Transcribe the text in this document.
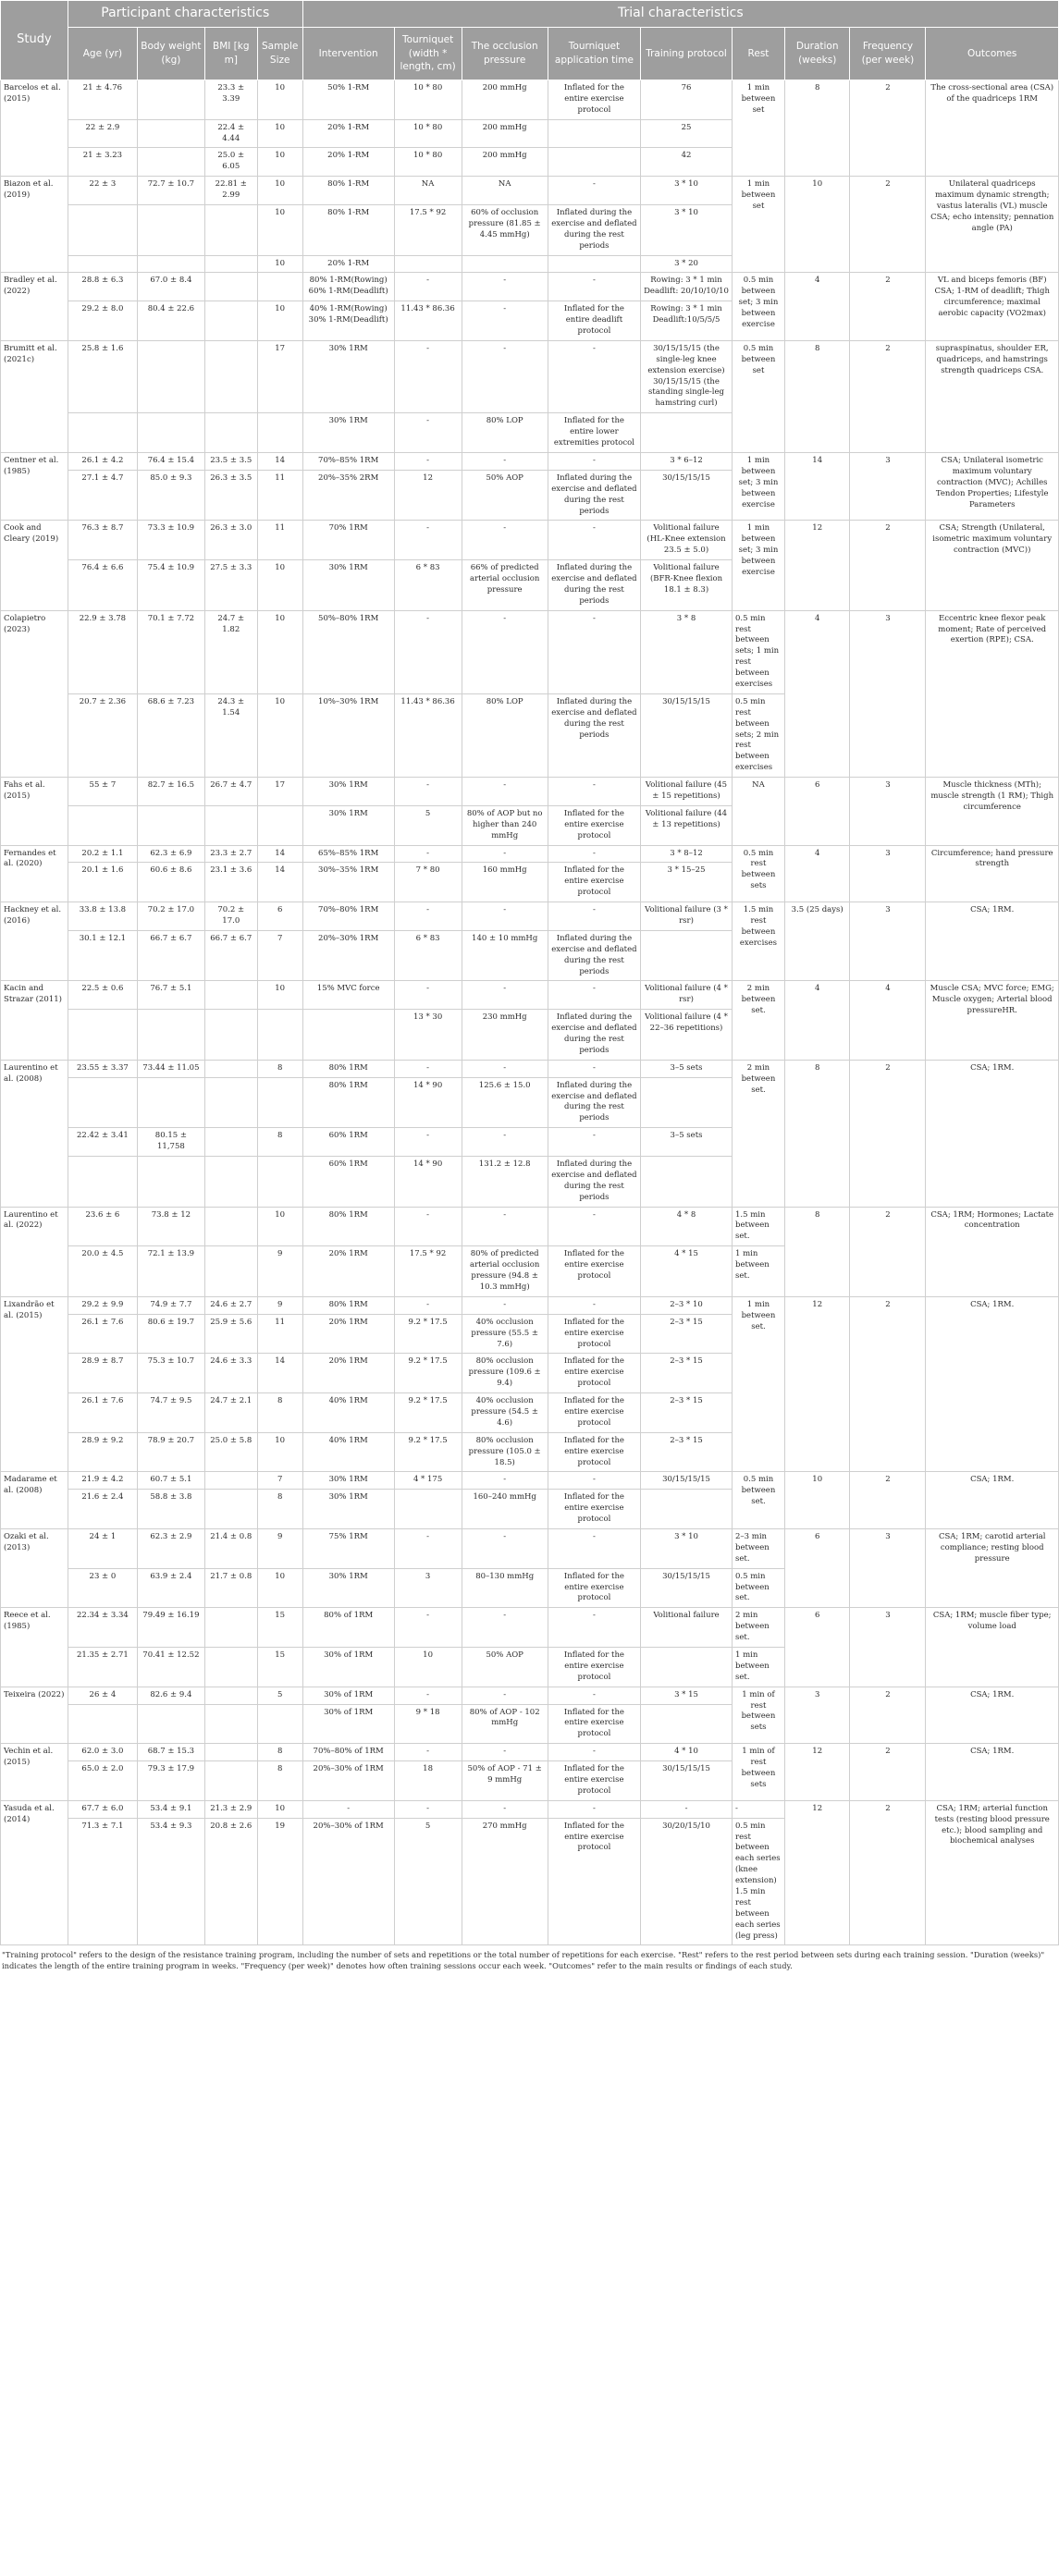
Study	Participant characteristics				Trial characteristics								
	Age (yr)	Body weight (kg)	BMI [kg m]	Sample Size	Intervention	Tourniquet (width * length, cm)	The occlusion pressure	Tourniquet application time	Training protocol	Rest	Duration (weeks)	Frequency (per week)	Outcomes
Barcelos et al. (2015)	21 ± 4.76		23.3 ± 3.39	10	50% 1-RM	10 * 80	200 mmHg	Inflated for the entire exercise protocol	76	1 min between set	8	2	The cross-sectional area (CSA) of the quadriceps 1RM
	22 ± 2.9		22.4 ± 4.44	10	20% 1-RM	10 * 80	200 mmHg		25				
	21 ± 3.23		25.0 ± 6.05	10	20% 1-RM	10 * 80	200 mmHg		42				
Biazon et al. (2019)	22 ± 3	72.7 ± 10.7	22.81 ± 2.99	10	80% 1-RM	NA	NA	-	3 * 10	1 min between set	10	2	Unilateral quadriceps maximum dynamic strength; vastus lateralis (VL) muscle CSA; echo intensity; pennation angle (PA)
				10	80% 1-RM	17.5 * 92	60% of occlusion pressure (81.85 ± 4.45 mmHg)	Inflated during the exercise and deflated during the rest periods	3 * 10				
				10	20% 1-RM				3 * 20				
Bradley et al. (2022)	28.8 ± 6.3	67.0 ± 8.4			80% 1-RM(Rowing) 60% 1-RM(Deadlift)	-	-	-	Rowing: 3 * 1 min Deadlift: 20/10/10/10	0.5 min between set; 3 min between exercise	4	2	VL and biceps femoris (BF) CSA; 1-RM of deadlift; Thigh circumference; maximal aerobic capacity (VO2max)
	29.2 ± 8.0	80.4 ± 22.6		10	40% 1-RM(Rowing) 30% 1-RM(Deadlift)	11.43 * 86.36	-	Inflated for the entire deadlift protocol	Rowing: 3 * 1 min Deadlift:10/5/5/5				
Brumitt et al. (2021c)	25.8 ± 1.6			17	30% 1RM	-	-	-	30/15/15/15 (the single-leg knee extension exercise) 30/15/15/15 (the standing single-leg hamstring curl)	0.5 min between set	8	2	supraspinatus, shoulder ER, quadriceps, and hamstrings strength quadriceps CSA.
					30% 1RM	-	80% LOP	Inflated for the entire lower extremities protocol					
Centner et al. (1985)	26.1 ± 4.2	76.4 ± 15.4	23.5 ± 3.5	14	70%–85% 1RM	-	-	-	3 * 6–12	1 min between set; 3 min between exercise	14	3	CSA; Unilateral isometric maximum voluntary contraction (MVC); Achilles Tendon Properties; Lifestyle Parameters
	27.1 ± 4.7	85.0 ± 9.3	26.3 ± 3.5	11	20%–35% 2RM	12	50% AOP	Inflated during the exercise and deflated during the rest periods	30/15/15/15				
Cook and Cleary (2019)	76.3 ± 8.7	73.3 ± 10.9	26.3 ± 3.0	11	70% 1RM	-	-	-	Volitional failure (HL-Knee extension 23.5 ± 5.0)	1 min between set; 3 min between exercise	12	2	CSA; Strength (Unilateral, isometric maximum voluntary contraction (MVC))
	76.4 ± 6.6	75.4 ± 10.9	27.5 ± 3.3	10	30% 1RM	6 * 83	66% of predicted arterial occlusion pressure	Inflated during the exercise and deflated during the rest periods	Volitional failure (BFR-Knee flexion 18.1 ± 8.3)				
Colapietro (2023)	22.9 ± 3.78	70.1 ± 7.72	24.7 ± 1.82	10	50%–80% 1RM	-	-	-	3 * 8	0.5 min rest between sets; 1 min rest between exercises	4	3	Eccentric knee flexor peak moment; Rate of perceived exertion (RPE); CSA.
	20.7 ± 2.36	68.6 ± 7.23	24.3 ± 1.54	10	10%–30% 1RM	11.43 * 86.36	80% LOP	Inflated during the exercise and deflated during the rest periods	30/15/15/15	0.5 min rest between sets; 2 min rest between exercises			
Fahs et al. (2015)	55 ± 7	82.7 ± 16.5	26.7 ± 4.7	17	30% 1RM	-	-	-	Volitional failure (45 ± 15 repetitions)	NA	6	3	Muscle thickness (MTh); muscle strength (1 RM); Thigh circumference
					30% 1RM	5	80% of AOP but no higher than 240 mmHg	Inflated for the entire exercise protocol	Volitional failure (44 ± 13 repetitions)				
Fernandes et al. (2020)	20.2 ± 1.1	62.3 ± 6.9	23.3 ± 2.7	14	65%–85% 1RM	-	-	-	3 * 8–12	0.5 min rest between sets	4	3	Circumference; hand pressure strength
	20.1 ± 1.6	60.6 ± 8.6	23.1 ± 3.6	14	30%–35% 1RM	7 * 80	160 mmHg	Inflated for the entire exercise protocol	3 * 15–25				
Hackney et al. (2016)	33.8 ± 13.8	70.2 ± 17.0	70.2 ± 17.0	6	70%–80% 1RM	-	-	-	Volitional failure (3 * rsr)	1.5 min rest between exercises	3.5 (25 days)	3	CSA; 1RM.
	30.1 ± 12.1	66.7 ± 6.7	66.7 ± 6.7	7	20%–30% 1RM	6 * 83	140 ± 10 mmHg	Inflated during the exercise and deflated during the rest periods					
Kacin and Strazar (2011)	22.5 ± 0.6	76.7 ± 5.1		10	15% MVC force	-	-	-	Volitional failure (4 * rsr)	2 min between set.	4	4	Muscle CSA; MVC force; EMG; Muscle oxygen; Arterial blood pressureHR.
						13 * 30	230 mmHg	Inflated during the exercise and deflated during the rest periods	Volitional failure (4 * 22–36 repetitions)				
Laurentino et al. (2008)	23.55 ± 3.37	73.44 ± 11.05		8	80% 1RM	-	-	-	3–5 sets	2 min between set.	8	2	CSA; 1RM.
					80% 1RM	14 * 90	125.6 ± 15.0	Inflated during the exercise and deflated during the rest periods					
	22.42 ± 3.41	80.15 ± 11,758		8	60% 1RM	-	-	-	3–5 sets				
					60% 1RM	14 * 90	131.2 ± 12.8	Inflated during the exercise and deflated during the rest periods					
Laurentino et al. (2022)	23.6 ± 6	73.8 ± 12		10	80% 1RM	-	-	-	4 * 8	1.5 min between set.	8	2	CSA; 1RM; Hormones; Lactate concentration
	20.0 ± 4.5	72.1 ± 13.9		9	20% 1RM	17.5 * 92	80% of predicted arterial occlusion pressure (94.8 ± 10.3 mmHg)	Inflated for the entire exercise protocol	4 * 15	1 min between set.			
Lixandrão et al. (2015)	29.2 ± 9.9	74.9 ± 7.7	24.6 ± 2.7	9	80% 1RM	-	-	-	2–3 * 10	1 min between set.	12	2	CSA; 1RM.
	26.1 ± 7.6	80.6 ± 19.7	25.9 ± 5.6	11	20% 1RM	9.2 * 17.5	40% occlusion pressure (55.5 ± 7.6)	Inflated for the entire exercise protocol	2–3 * 15				
	28.9 ± 8.7	75.3 ± 10.7	24.6 ± 3.3	14	20% 1RM	9.2 * 17.5	80% occlusion pressure (109.6 ± 9.4)	Inflated for the entire exercise protocol	2–3 * 15				
	26.1 ± 7.6	74.7 ± 9.5	24.7 ± 2.1	8	40% 1RM	9.2 * 17.5	40% occlusion pressure (54.5 ± 4.6)	Inflated for the entire exercise protocol	2–3 * 15				
	28.9 ± 9.2	78.9 ± 20.7	25.0 ± 5.8	10	40% 1RM	9.2 * 17.5	80% occlusion pressure (105.0 ± 18.5)	Inflated for the entire exercise protocol	2–3 * 15				
Madarame et al. (2008)	21.9 ± 4.2	60.7 ± 5.1		7	30% 1RM	4 * 175	-	-	30/15/15/15	0.5 min between set.	10	2	CSA; 1RM.
	21.6 ± 2.4	58.8 ± 3.8		8	30% 1RM		160–240 mmHg	Inflated for the entire exercise protocol					
Ozaki et al. (2013)	24 ± 1	62.3 ± 2.9	21.4 ± 0.8	9	75% 1RM	-	-	-	3 * 10	2–3 min between set.	6	3	CSA; 1RM; carotid arterial compliance; resting blood pressure
	23 ± 0	63.9 ± 2.4	21.7 ± 0.8	10	30% 1RM	3	80–130 mmHg	Inflated for the entire exercise protocol	30/15/15/15	0.5 min between set.			
Reece et al. (1985)	22.34 ± 3.34	79.49 ± 16.19		15	80% of 1RM	-	-	-	Volitional failure	2 min between set.	6	3	CSA; 1RM; muscle fiber type; volume load
	21.35 ± 2.71	70.41 ± 12.52		15	30% of 1RM	10	50% AOP	Inflated for the entire exercise protocol		1 min between set.			
Teixeira (2022)	26 ± 4	82.6 ± 9.4		5	30% of 1RM	-	-	-	3 * 15	1 min of rest between sets	3	2	CSA; 1RM.
					30% of 1RM	9 * 18	80% of AOP - 102 mmHg	Inflated for the entire exercise protocol					
Vechin et al. (2015)	62.0 ± 3.0	68.7 ± 15.3		8	70%–80% of 1RM	-	-	-	4 * 10	1 min of rest between sets	12	2	CSA; 1RM.
	65.0 ± 2.0	79.3 ± 17.9		8	20%–30% of 1RM	18	50% of AOP - 71 ± 9 mmHg	Inflated for the entire exercise protocol	30/15/15/15				
Yasuda et al. (2014)	67.7 ± 6.0	53.4 ± 9.1	21.3 ± 2.9	10	-	-	-	-	-	-	12	2	CSA; 1RM; arterial function tests (resting blood pressure etc.); blood sampling and biochemical analyses
	71.3 ± 7.1	53.4 ± 9.3	20.8 ± 2.6	19	20%–30% of 1RM	5	270 mmHg	Inflated for the entire exercise protocol	30/20/15/10	0.5 min rest between each series (knee extension) 1.5 min rest between each series (leg press)			
"Training protocol" refers to the design of the resistance training program, including the number of sets and repetitions or the total number of repetitions for each exercise. "Rest" refers to the rest period between sets during each training session. "Duration (weeks)" indicates the length of the entire training program in weeks. "Frequency (per week)" denotes how often training sessions occur each week. "Outcomes" refer to the main results or findings of each study.
